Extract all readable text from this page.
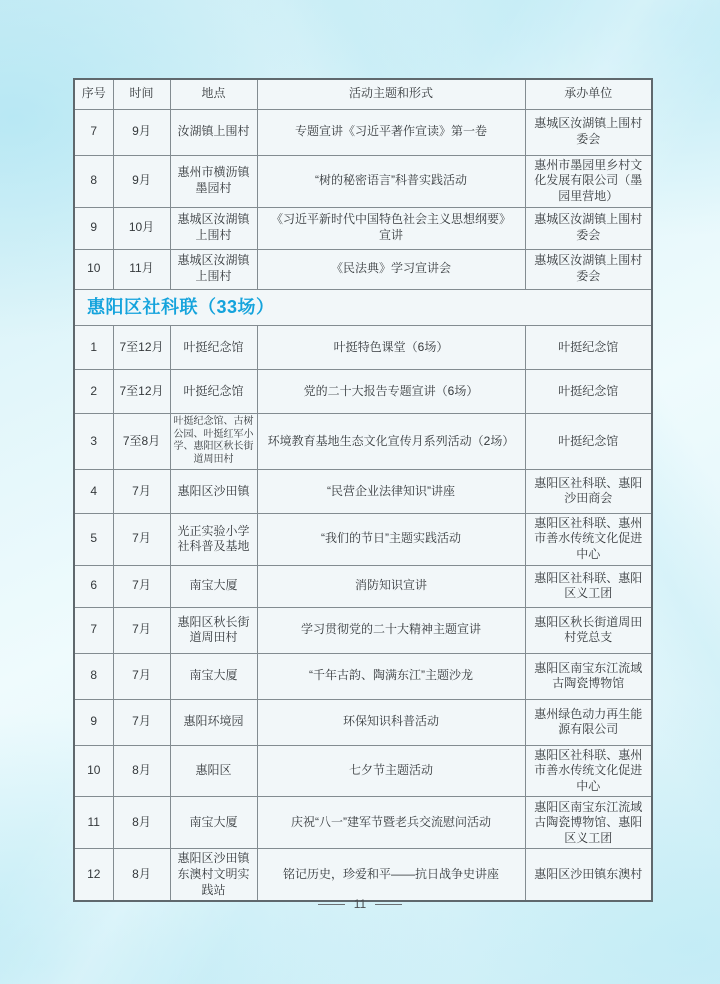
序号	时间	地点	活动主题和形式	承办单位
7	9月	汝湖镇上围村	专题宣讲《习近平著作宣读》第一卷	惠城区汝湖镇上围村委会
8	9月	惠州市横沥镇墨园村	“树的秘密语言”科普实践活动	惠州市墨园里乡村文化发展有限公司（墨园里营地）
9	10月	惠城区汝湖镇上围村	《习近平新时代中国特色社会主义思想纲要》宣讲	惠城区汝湖镇上围村委会
10	11月	惠城区汝湖镇上围村	《民法典》学习宣讲会	惠城区汝湖镇上围村委会
惠阳区社科联（33场）				
1	7至12月	叶挺纪念馆	叶挺特色课堂（6场）	叶挺纪念馆
2	7至12月	叶挺纪念馆	党的二十大报告专题宣讲（6场）	叶挺纪念馆
3	7至8月	叶挺纪念馆、古树公园、叶挺红军小学、惠阳区秋长街道周田村	环境教育基地生态文化宣传月系列活动（2场）	叶挺纪念馆
4	7月	惠阳区沙田镇	“民营企业法律知识”讲座	惠阳区社科联、惠阳沙田商会
5	7月	光正实验小学社科普及基地	“我们的节日”主题实践活动	惠阳区社科联、惠州市善水传统文化促进中心
6	7月	南宝大厦	消防知识宣讲	惠阳区社科联、惠阳区义工团
7	7月	惠阳区秋长街道周田村	学习贯彻党的二十大精神主题宣讲	惠阳区秋长街道周田村党总支
8	7月	南宝大厦	“千年古韵、陶满东江”主题沙龙	惠阳区南宝东江流域古陶瓷博物馆
9	7月	惠阳环境园	环保知识科普活动	惠州绿色动力再生能源有限公司
10	8月	惠阳区	七夕节主题活动	惠阳区社科联、惠州市善水传统文化促进中心
11	8月	南宝大厦	庆祝“八一”建军节暨老兵交流慰问活动	惠阳区南宝东江流域古陶瓷博物馆、惠阳区义工团
12	8月	惠阳区沙田镇东澳村文明实践站	铭记历史，珍爱和平——抗日战争史讲座	惠阳区沙田镇东澳村
11
